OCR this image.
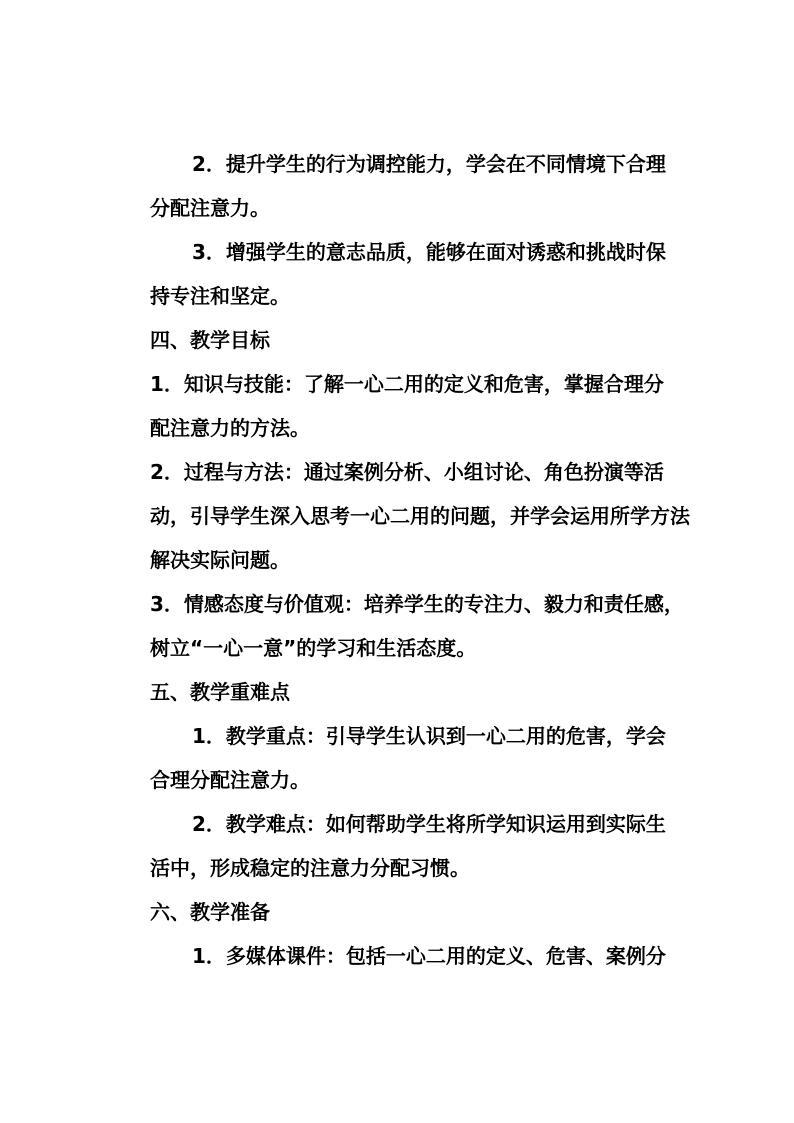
2．提升学生的行为调控能力，学会在不同情境下合理
分配注意力。
3．增强学生的意志品质，能够在面对诱惑和挑战时保
持专注和坚定。
四、教学目标
1．知识与技能：了解一心二用的定义和危害，掌握合理分
配注意力的方法。
2．过程与方法：通过案例分析、小组讨论、角色扮演等活
动，引导学生深入思考一心二用的问题，并学会运用所学方法
解决实际问题。
3．情感态度与价值观：培养学生的专注力、毅力和责任感，
树立“一心一意”的学习和生活态度。
五、教学重难点
1．教学重点：引导学生认识到一心二用的危害，学会
合理分配注意力。
2．教学难点：如何帮助学生将所学知识运用到实际生
活中，形成稳定的注意力分配习惯。
六、教学准备
1．多媒体课件：包括一心二用的定义、危害、案例分
